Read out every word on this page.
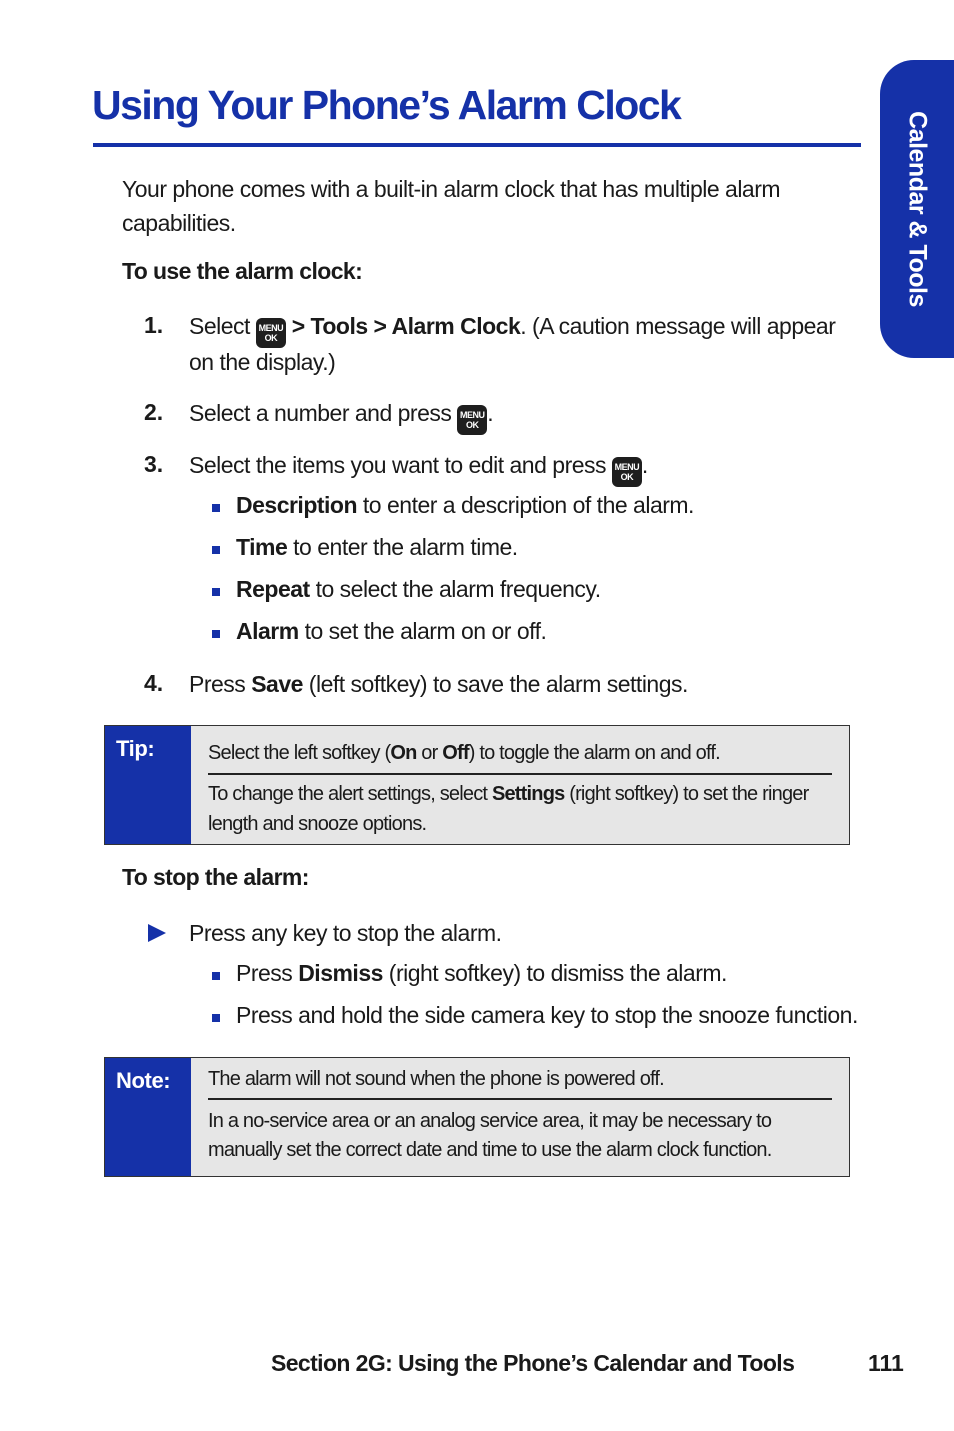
Using Your Phone’s Alarm Clock
Calendar & Tools

Your phone comes with a built-in alarm clock that has multiple alarm capabilities.

To use the alarm clock:

1. Select MENU
OK > Tools > Alarm Clock. (A caution message will appear
on the display.)
2. Select a number and press MENU
OK .
3. Select the items you want to edit and press MENU
OK .
Description to enter a description of the alarm.
Time to enter the alarm time.
Repeat to select the alarm frequency.
Alarm to set the alarm on or off.
4. Press Save (left softkey) to save the alarm settings.
Tip:	Select the left softkey (On or Off) to toggle the alarm on and off.
To change the alert settings, select Settings (right softkey) to set the ringer
length and snooze options.

To stop the alarm:

Press any key to stop the alarm.
Press Dismiss (right softkey) to dismiss the alarm.
Press and hold the side camera key to stop the snooze function.
Note:	The alarm will not sound when the phone is powered off.
In a no-service area or an analog service area, it may be necessary to
manually set the correct date and time to use the alarm clock function.
Section 2G: Using the Phone’s Calendar and Tools	111
